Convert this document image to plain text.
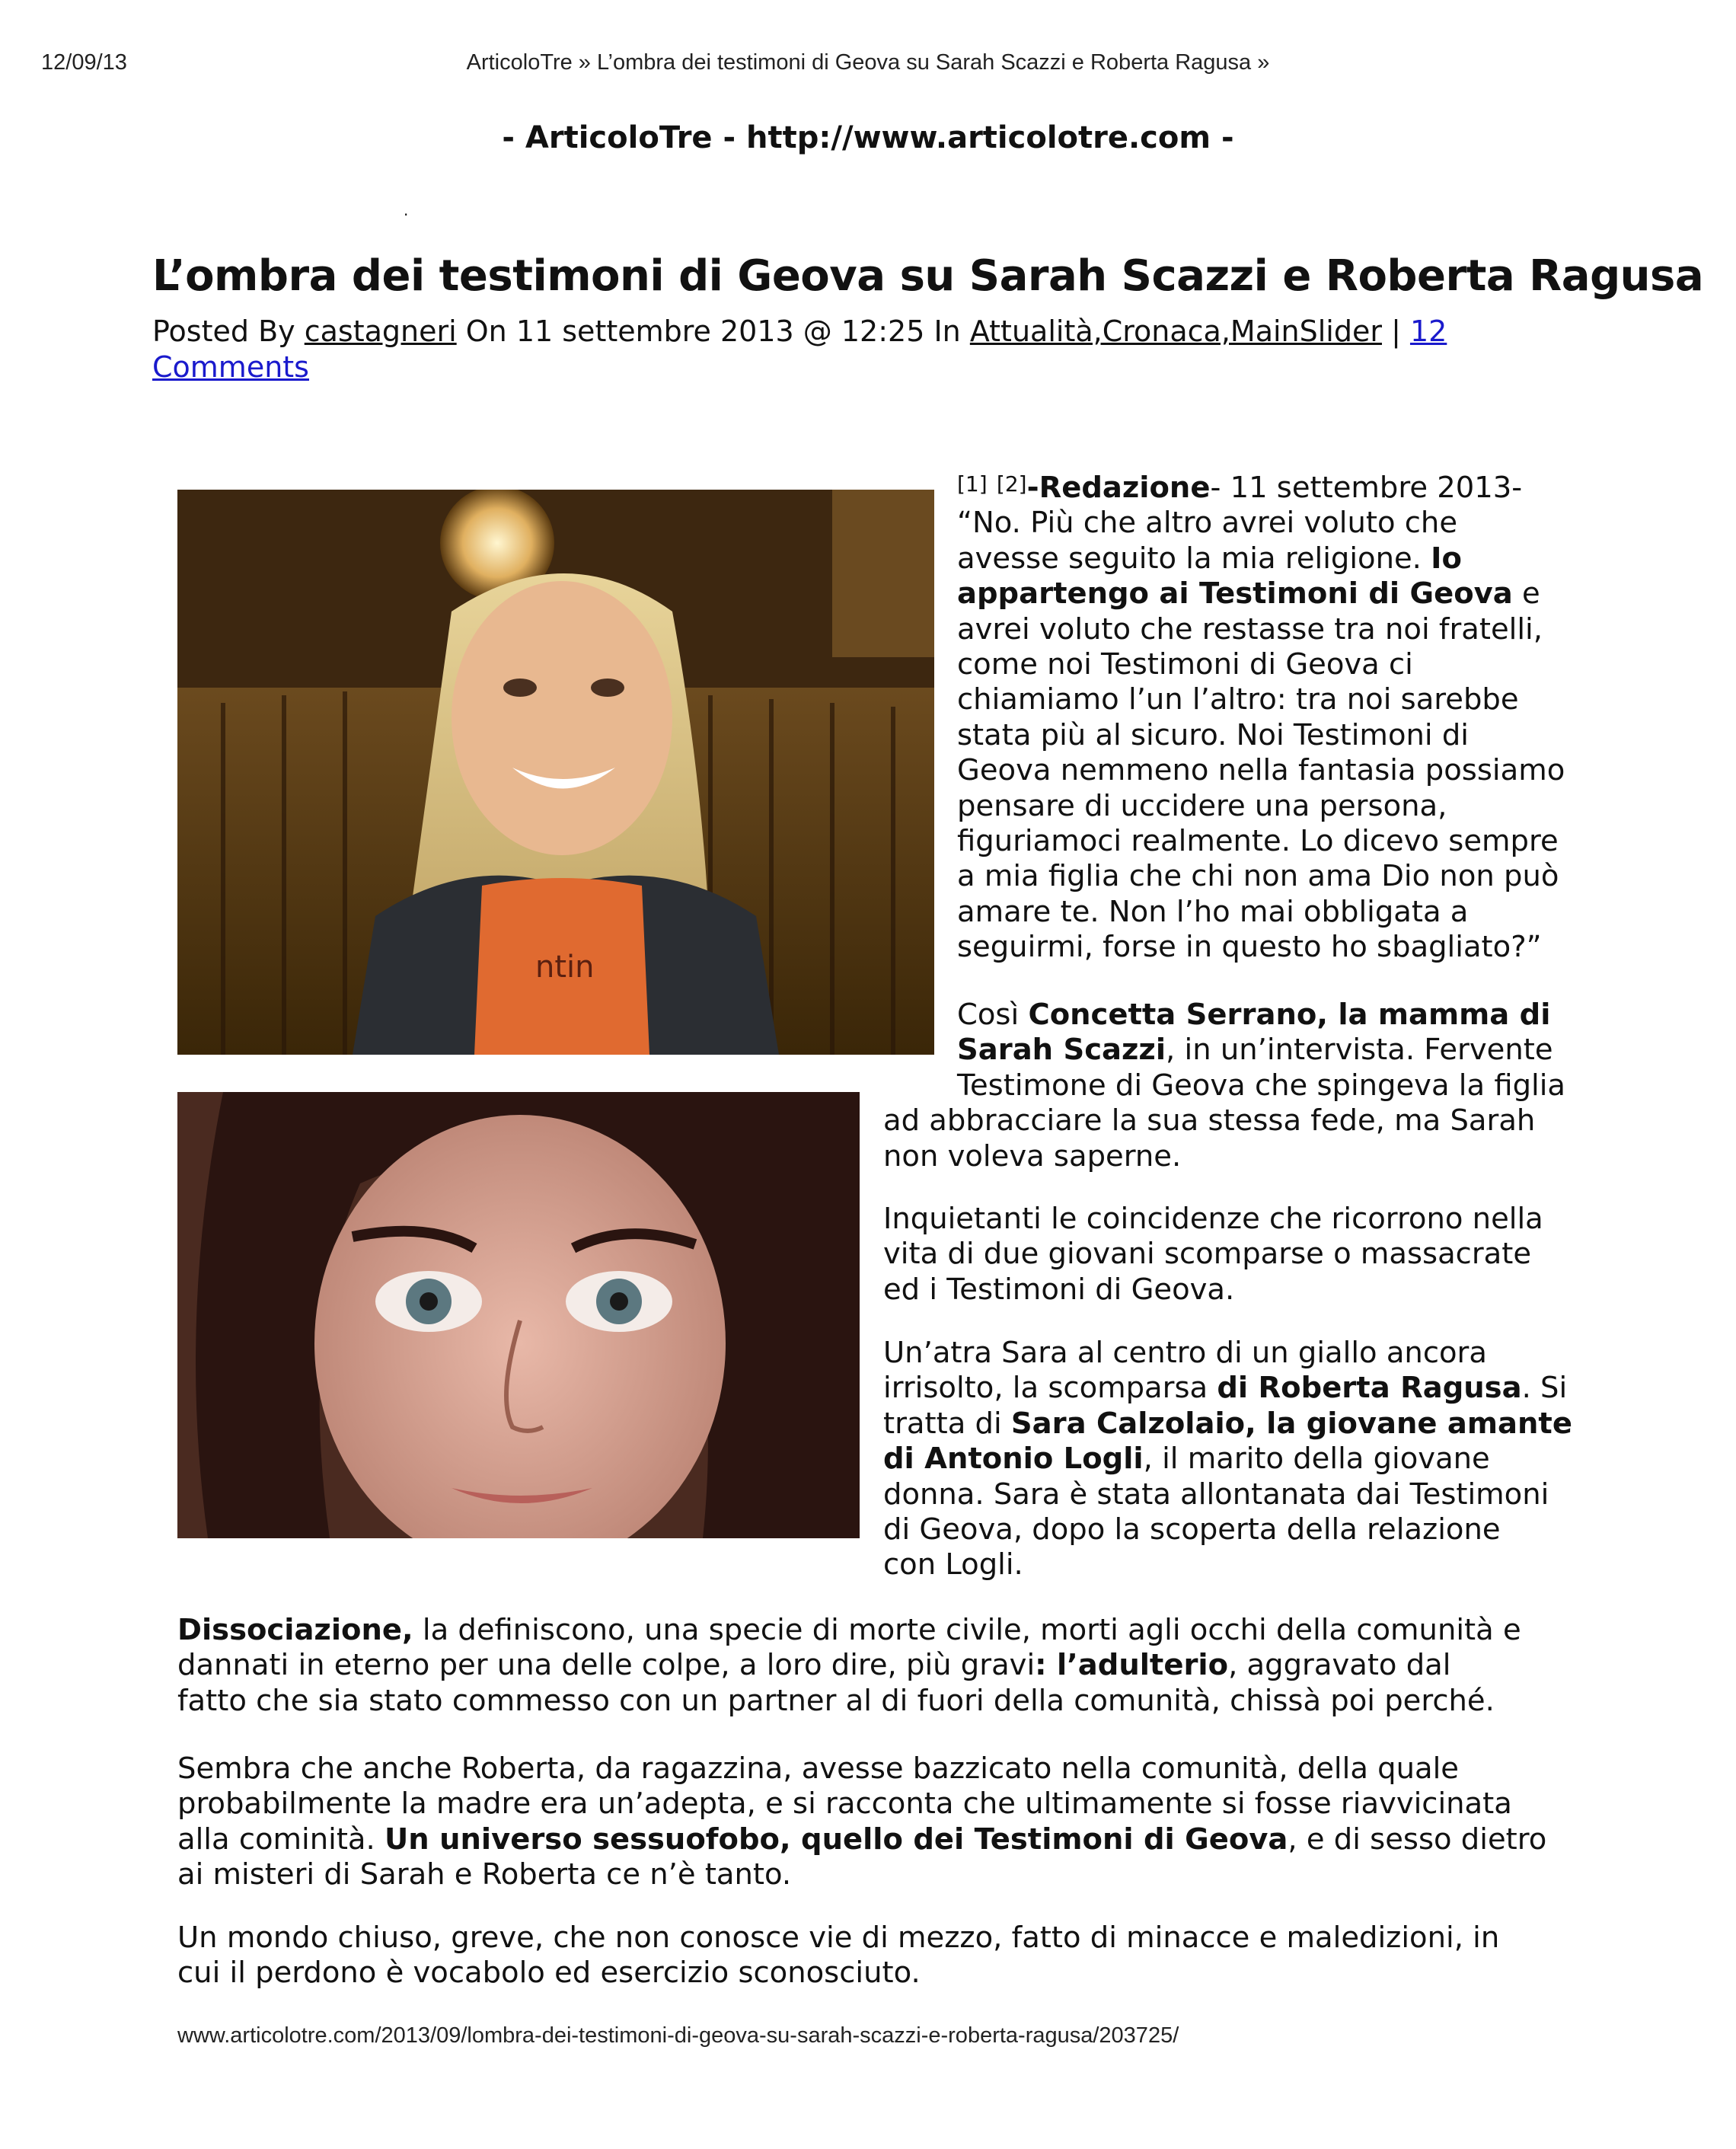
12/09/13	ArticoloTre » L’ombra dei testimoni di Geova su Sarah Scazzi e Roberta Ragusa »
- ArticoloTre - http://www.articolotre.com -
·
L’ombra dei testimoni di Geova su Sarah Scazzi e Roberta Ragusa
Posted By castagneri On 11 settembre 2013 @ 12:25 In Attualità,Cronaca,MainSlider | 12 Comments
ntin
[1] [2]-Redazione- 11 settembre 2013-
“No. Più che altro avrei voluto che
avesse seguito la mia religione. Io
appartengo ai Testimoni di Geova e
avrei voluto che restasse tra noi fratelli,
come noi Testimoni di Geova ci
chiamiamo l’un l’altro: tra noi sarebbe
stata più al sicuro. Noi Testimoni di
Geova nemmeno nella fantasia possiamo
pensare di uccidere una persona,
figuriamoci realmente. Lo dicevo sempre
a mia figlia che chi non ama Dio non può
amare te. Non l’ho mai obbligata a
seguirmi, forse in questo ho sbagliato?”
Così Concetta Serrano, la mamma di
Sarah Scazzi, in un’intervista. Fervente
Testimone di Geova che spingeva la figlia
ad abbracciare la sua stessa fede, ma Sarah
non voleva saperne.
Inquietanti le coincidenze che ricorrono nella
vita di due giovani scomparse o massacrate
ed i Testimoni di Geova.
Un’atra Sara al centro di un giallo ancora
irrisolto, la scomparsa di Roberta Ragusa. Si
tratta di Sara Calzolaio, la giovane amante
di Antonio Logli, il marito della giovane
donna. Sara è stata allontanata dai Testimoni
di Geova, dopo la scoperta della relazione
con Logli.
Dissociazione, la definiscono, una specie di morte civile, morti agli occhi della comunità e
dannati in eterno per una delle colpe, a loro dire, più gravi: l’adulterio, aggravato dal
fatto che sia stato commesso con un partner al di fuori della comunità, chissà poi perché.
Sembra che anche Roberta, da ragazzina, avesse bazzicato nella comunità, della quale
probabilmente la madre era un’adepta, e si racconta che ultimamente si fosse riavvicinata
alla cominità. Un universo sessuofobo, quello dei Testimoni di Geova, e di sesso dietro
ai misteri di Sarah e Roberta ce n’è tanto.
Un mondo chiuso, greve, che non conosce vie di mezzo, fatto di minacce e maledizioni, in
cui il perdono è vocabolo ed esercizio sconosciuto.
www.articolotre.com/2013/09/lombra-dei-testimoni-di-geova-su-sarah-scazzi-e-roberta-ragusa/203725/
